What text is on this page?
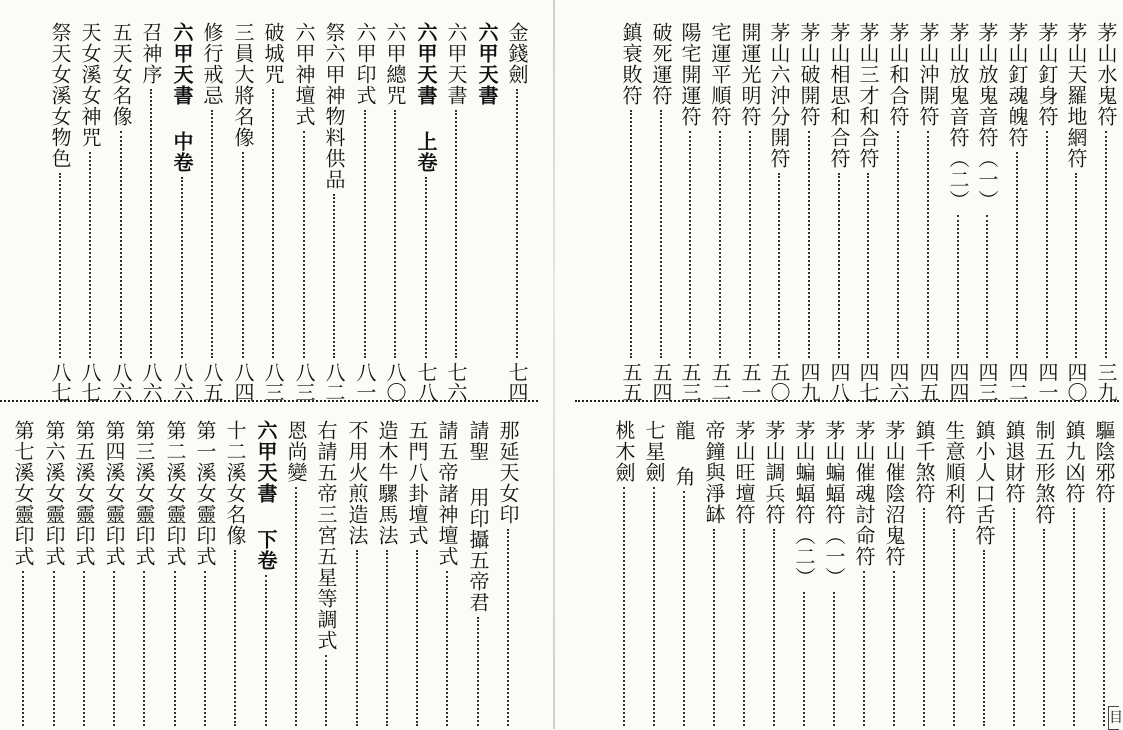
金錢劍
七四
六甲天書
六甲天書
七六
六甲天書 上卷
七八
六甲總咒
八〇
六甲印式
八一
祭六甲神物料供品
八二
六甲神壇式
八三
破城咒
八三
三員大將名像
八四
修行戒忌
八五
六甲天書 中卷
八六
召神序
八六
五天女名像
八六
天女溪女神咒
八七
祭天女溪女物色
八七
那延天女印
請聖 用印攝五帝君
請五帝諸神壇式
五門八卦壇式
造木牛騾馬法
不用火煎造法
右請五帝三宮五星等調式
恩尚變
六甲天書 下卷
十二溪女名像
第一溪女靈印式
第二溪女靈印式
第三溪女靈印式
第四溪女靈印式
第五溪女靈印式
第六溪女靈印式
第七溪女靈印式
茅山水鬼符
三九
茅山天羅地網符
四〇
茅山釘身符
四一
茅山釘魂魄符
四二
茅山放鬼音符（一）
四三
茅山放鬼音符（二）
四四
茅山沖開符
四五
茅山和合符
四六
茅山三才和合符
四七
茅山相思和合符
四八
茅山破開符
四九
茅山六沖分開符
五〇
開運光明符
五一
宅運平順符
五二
陽宅開運符
五三
破死運符
五四
鎮衰敗符
五五
驅陰邪符
鎮九凶符
制五形煞符
鎮退財符
鎮小人口舌符
生意順利符
鎮千煞符
茅山催陰沼鬼符
茅山催魂討命符
茅山蝙蝠符（一）
茅山蝙蝠符（二）
茅山調兵符
茅山旺壇符
帝鐘與淨缽
龍 角
七星劍
桃木劍
目
